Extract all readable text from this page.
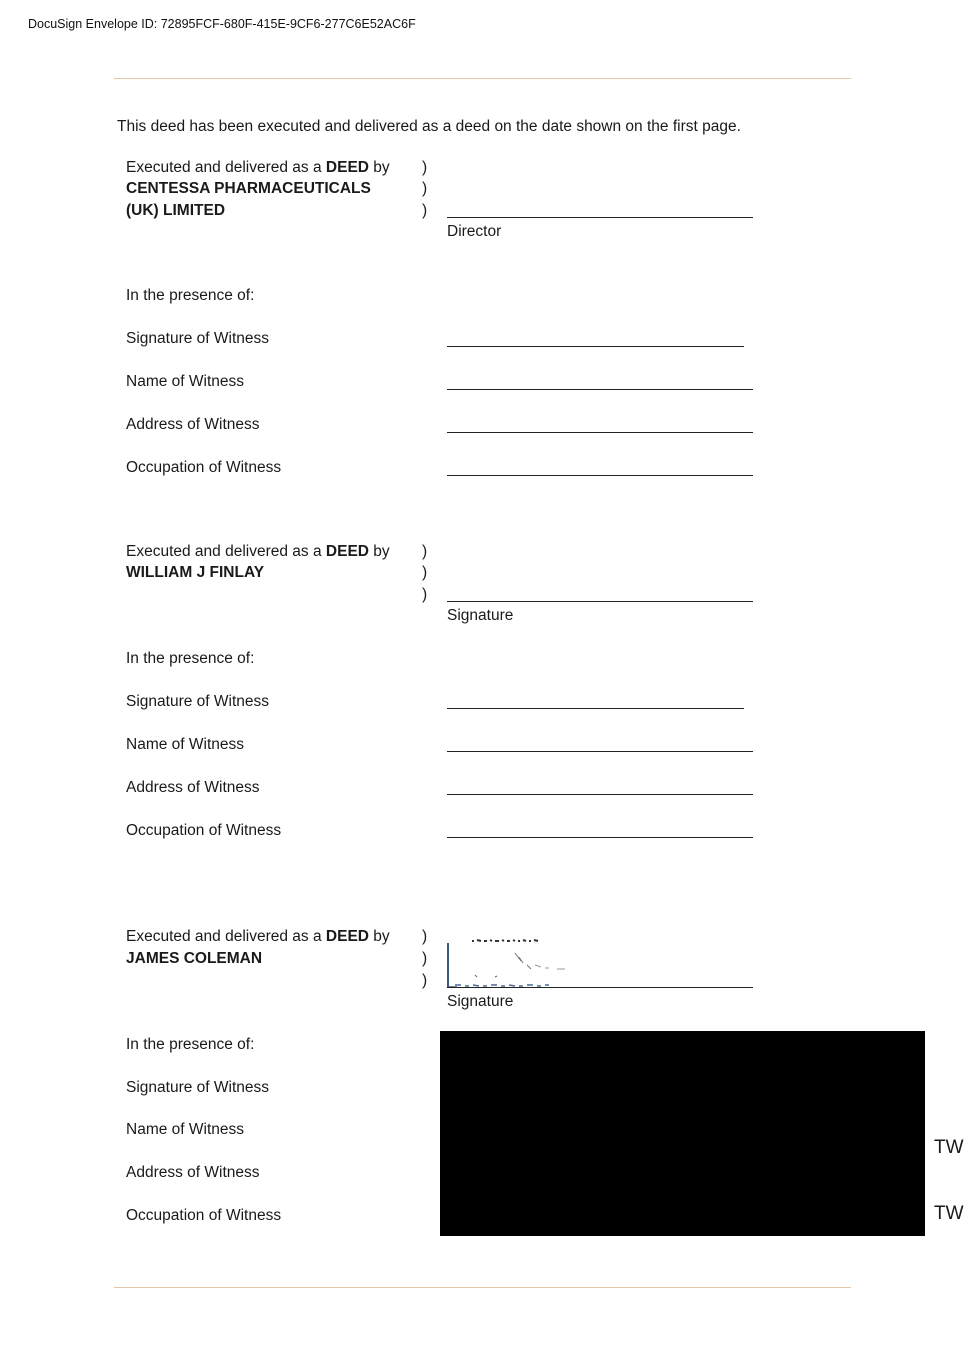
DocuSign Envelope ID: 72895FCF-680F-415E-9CF6-277C6E52AC6F
This deed has been executed and delivered as a deed on the date shown on the first page.
Executed and delivered as a DEED by
CENTESSA PHARMACEUTICALS
(UK) LIMITED
)
)
)
Director
In the presence of:
Signature of Witness
Name of Witness
Address of Witness
Occupation of Witness
Executed and delivered as a DEED by
WILLIAM J FINLAY
)
)
)
Signature
In the presence of:
Signature of Witness
Name of Witness
Address of Witness
Occupation of Witness
Executed and delivered as a DEED by
JAMES COLEMAN
)
)
)
Signature
In the presence of:
Signature of Witness
Name of Witness
Address of Witness
Occupation of Witness
TW
TW
